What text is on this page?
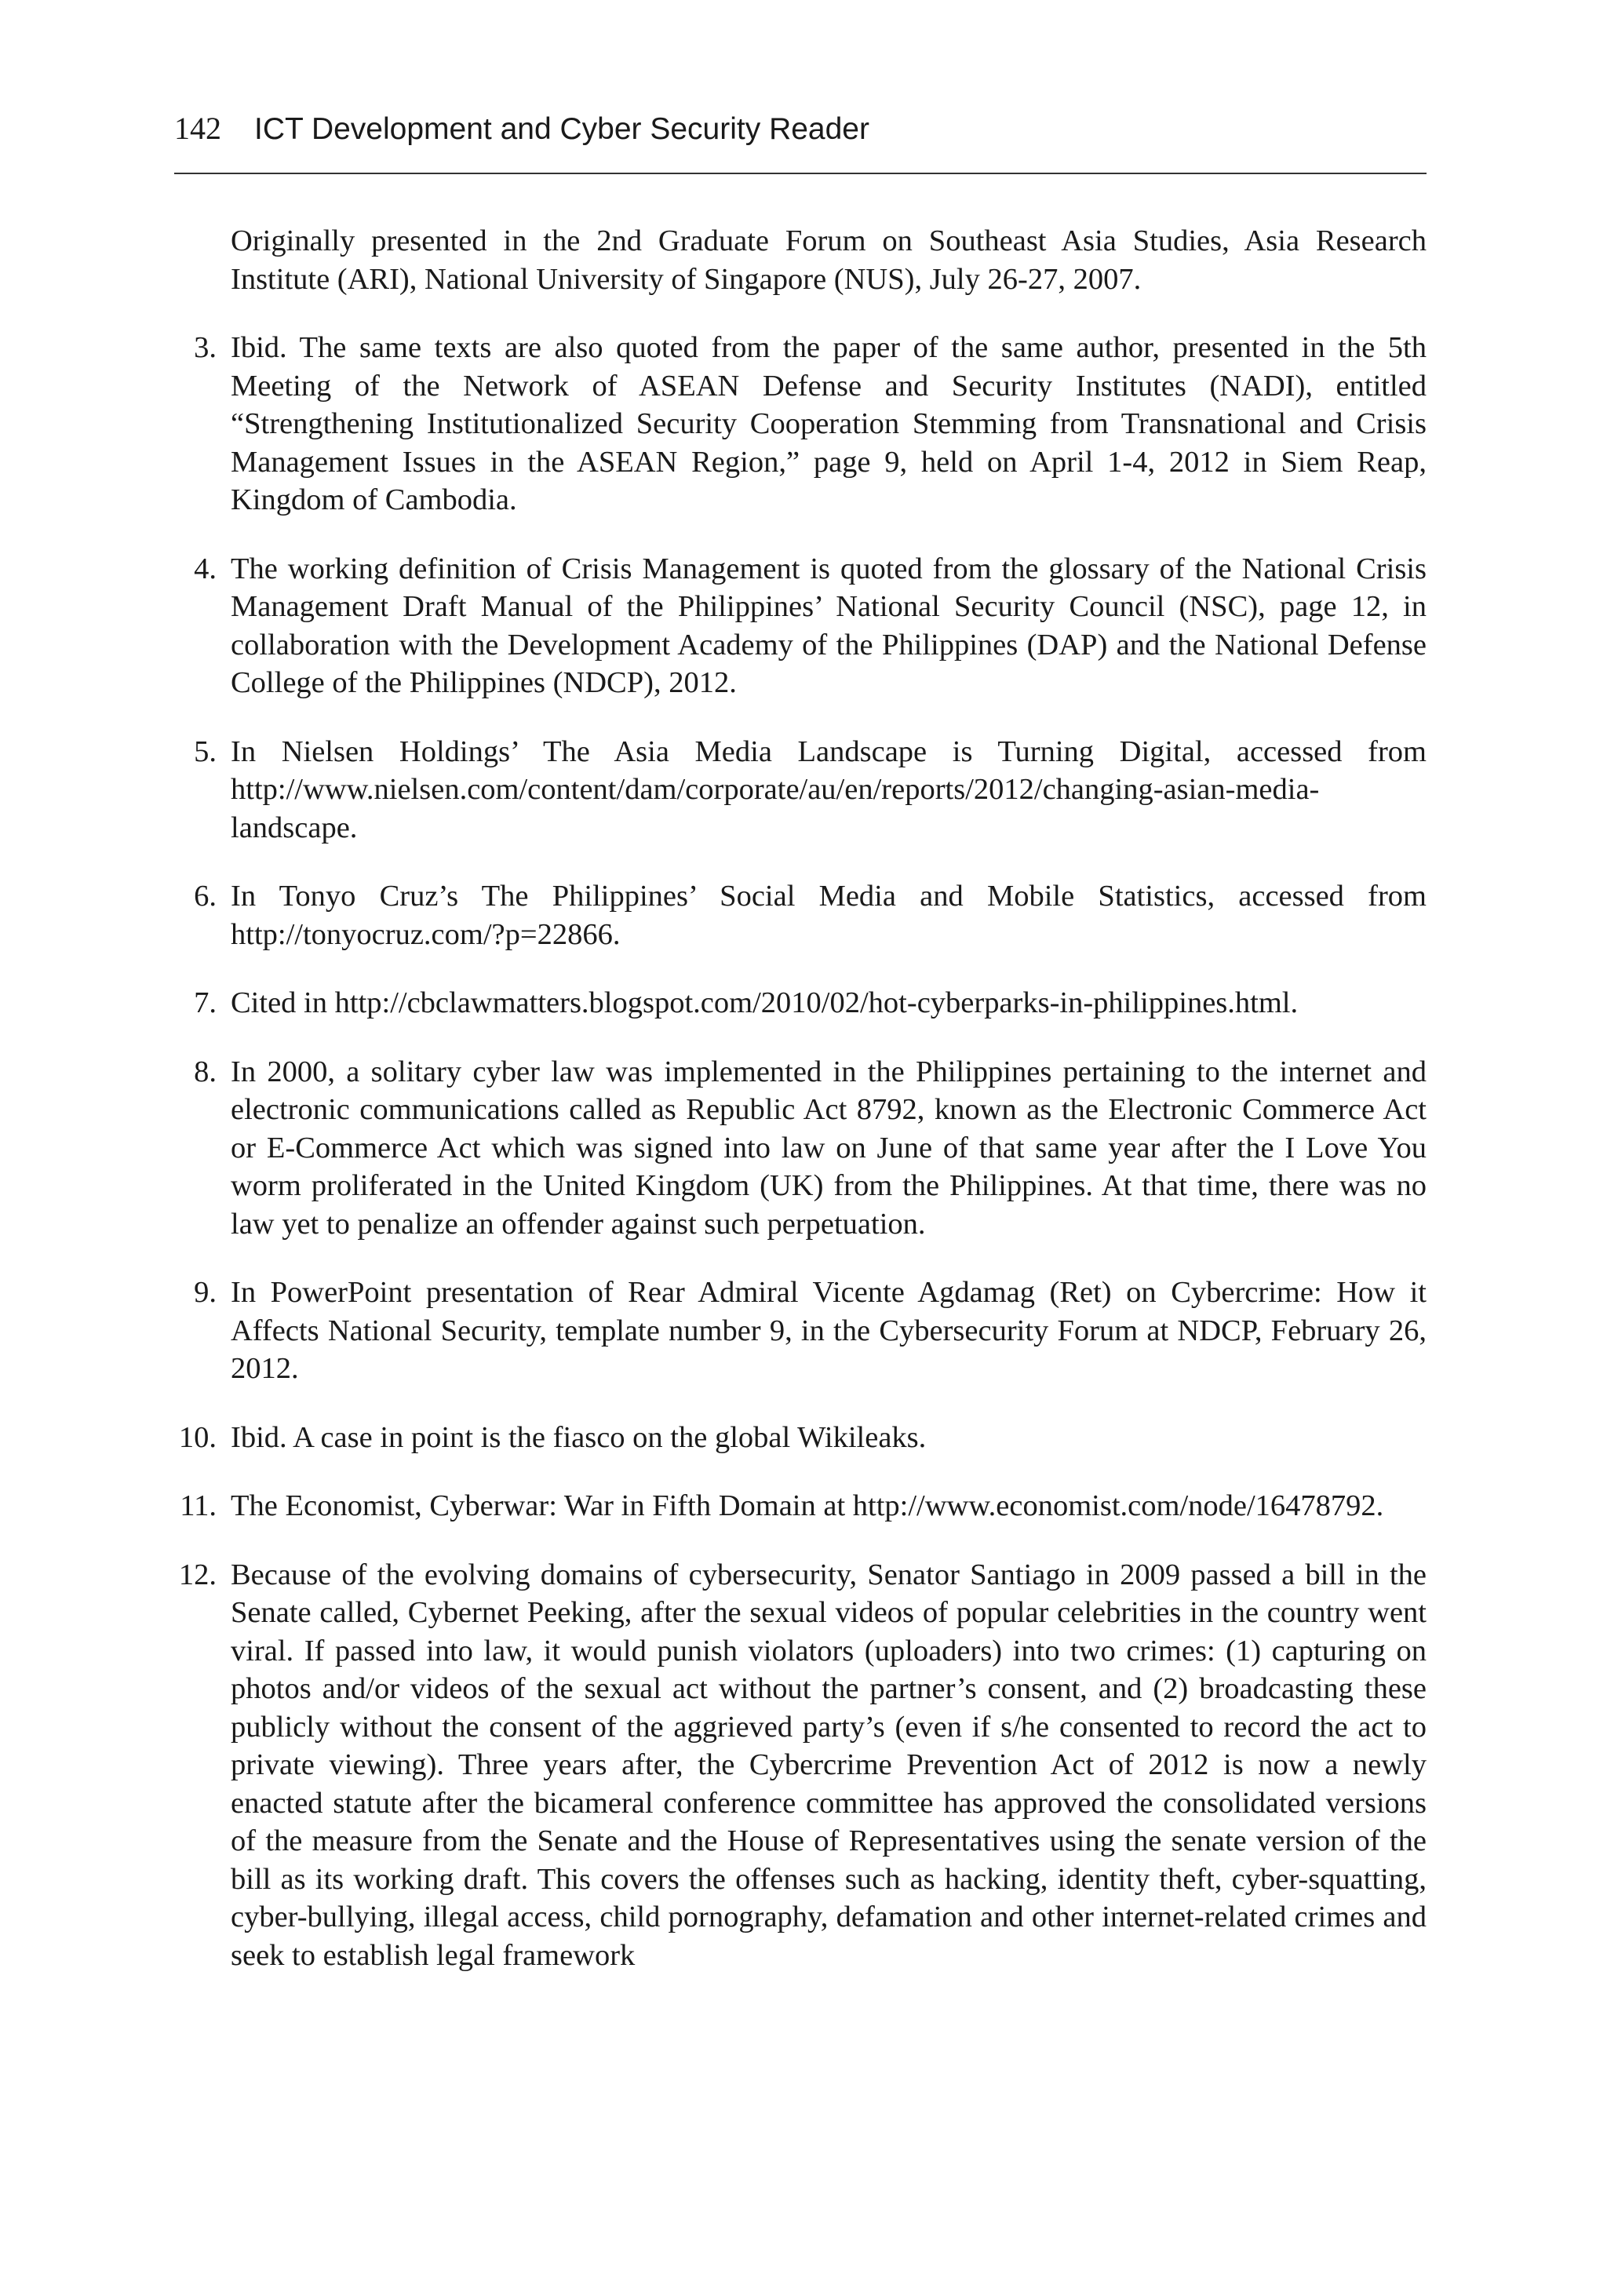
142 ICT Development and Cyber Security Reader
Originally presented in the 2nd Graduate Forum on Southeast Asia Studies, Asia Research Institute (ARI), National University of Singapore (NUS), July 26-27, 2007.
3. Ibid. The same texts are also quoted from the paper of the same author, presented in the 5th Meeting of the Network of ASEAN Defense and Security Institutes (NADI), entitled “Strengthening Institutionalized Security Cooperation Stemming from Transnational and Crisis Management Issues in the ASEAN Region,” page 9, held on April 1-4, 2012 in Siem Reap, Kingdom of Cambodia.
4. The working definition of Crisis Management is quoted from the glossary of the National Crisis Management Draft Manual of the Philippines’ National Security Council (NSC), page 12, in collaboration with the Development Academy of the Philippines (DAP) and the National Defense College of the Philippines (NDCP), 2012.
5. In Nielsen Holdings’ The Asia Media Landscape is Turning Digital, accessed from http://www.nielsen.com/content/dam/corporate/au/en/reports/2012/changing-asian-media-landscape.
6. In Tonyo Cruz’s The Philippines’ Social Media and Mobile Statistics, accessed from http://tonyocruz.com/?p=22866.
7. Cited in http://cbclawmatters.blogspot.com/2010/02/hot-cyberparks-in-philippines.html.
8. In 2000, a solitary cyber law was implemented in the Philippines pertaining to the internet and electronic communications called as Republic Act 8792, known as the Electronic Commerce Act or E-Commerce Act which was signed into law on June of that same year after the I Love You worm proliferated in the United Kingdom (UK) from the Philippines. At that time, there was no law yet to penalize an offender against such perpetuation.
9. In PowerPoint presentation of Rear Admiral Vicente Agdamag (Ret) on Cybercrime: How it Affects National Security, template number 9, in the Cybersecurity Forum at NDCP, February 26, 2012.
10. Ibid. A case in point is the fiasco on the global Wikileaks.
11. The Economist, Cyberwar: War in Fifth Domain at http://www.economist.com/node/16478792.
12. Because of the evolving domains of cybersecurity, Senator Santiago in 2009 passed a bill in the Senate called, Cybernet Peeking, after the sexual videos of popular celebrities in the country went viral. If passed into law, it would punish violators (uploaders) into two crimes: (1) capturing on photos and/or videos of the sexual act without the partner’s consent, and (2) broadcasting these publicly without the consent of the aggrieved party’s (even if s/he consented to record the act to private viewing). Three years after, the Cybercrime Prevention Act of 2012 is now a newly enacted statute after the bicameral conference committee has approved the consolidated versions of the measure from the Senate and the House of Representatives using the senate version of the bill as its working draft. This covers the offenses such as hacking, identity theft, cyber-squatting, cyber-bullying, illegal access, child pornography, defamation and other internet-related crimes and seek to establish legal framework
